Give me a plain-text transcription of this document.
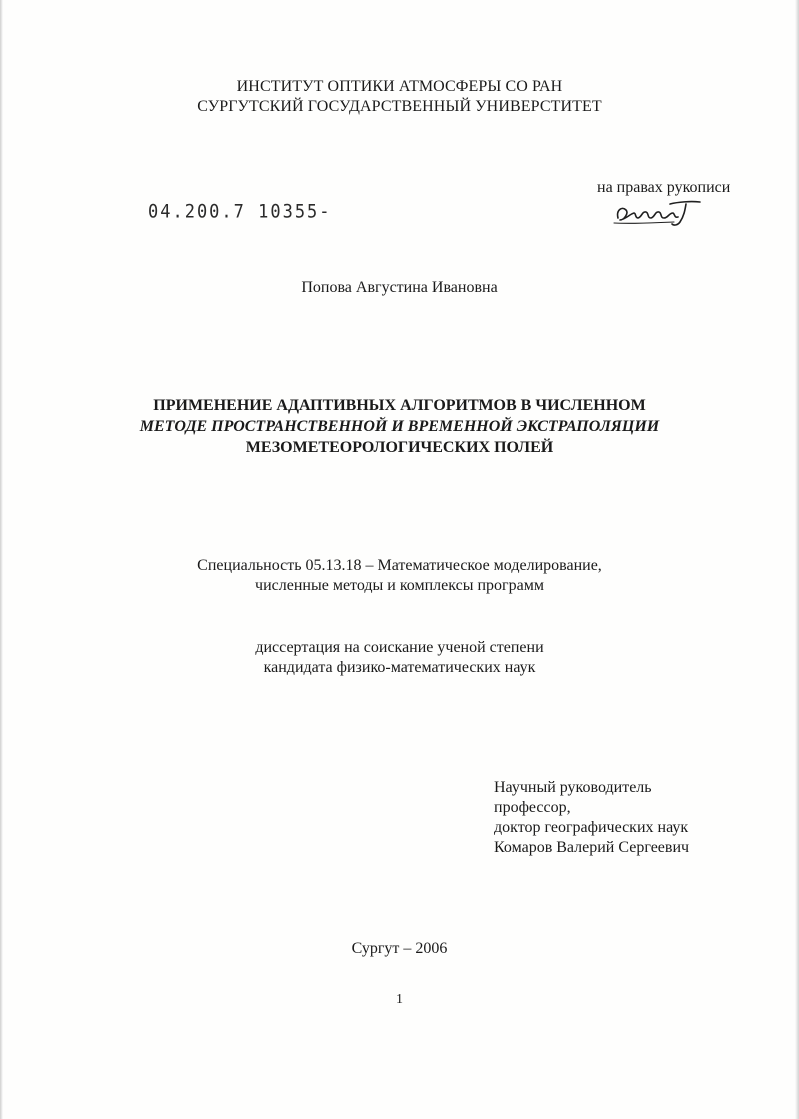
ИНСТИТУТ ОПТИКИ АТМОСФЕРЫ СО РАН
СУРГУТСКИЙ ГОСУДАРСТВЕННЫЙ УНИВЕРСТИТЕТ
на правах рукописи
04.200.7 10355-
Попова Августина Ивановна
ПРИМЕНЕНИЕ АДАПТИВНЫХ АЛГОРИТМОВ В ЧИСЛЕННОМ
МЕТОДЕ ПРОСТРАНСТВЕННОЙ И ВРЕМЕННОЙ ЭКСТРАПОЛЯЦИИ
МЕЗОМЕТЕОРОЛОГИЧЕСКИХ ПОЛЕЙ
Специальность 05.13.18 – Математическое моделирование,
численные методы и комплексы программ
диссертация на соискание ученой степени
кандидата физико-математических наук
Научный руководитель
профессор,
доктор географических наук
Комаров Валерий Сергеевич
Сургут – 2006
1
